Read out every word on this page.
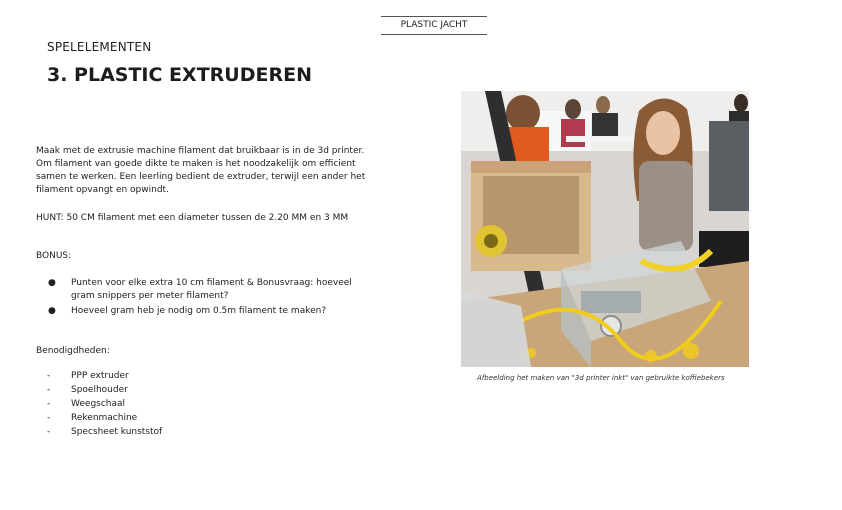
PLASTIC JACHT
SPELELEMENTEN
3. PLASTIC EXTRUDEREN
Maak met de extrusie machine filament dat bruikbaar is in de 3d printer. Om filament van goede dikte te maken is het noodzakelijk om efficient samen te werken. Een leerling bedient de extruder, terwijl een ander het filament opvangt en opwindt.
HUNT: 50 CM filament met een diameter tussen de 2.20 MM en 3 MM
BONUS:
● Punten voor elke extra 10 cm filament & Bonusvraag: hoeveel gram snippers per meter filament?
● Hoeveel gram heb je nodig om 0.5m filament te maken?
Benodigdheden:
- PPP extruder
- Spoelhouder
- Weegschaal
- Rekenmachine
- Specsheet kunststof
Afbeelding het maken van "3d printer inkt" van gebruikte koffiebekers
